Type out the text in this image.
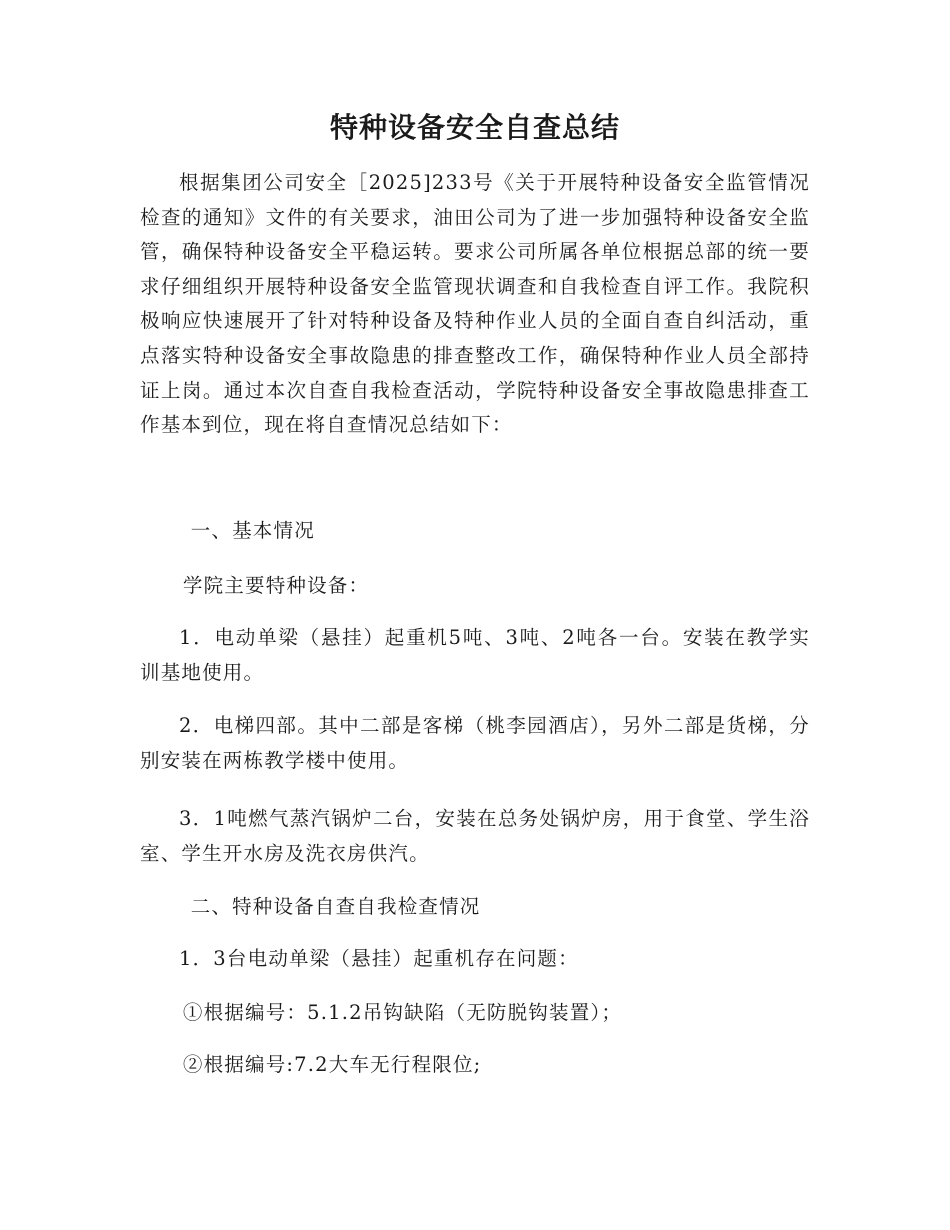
特种设备安全自查总结

根据集团公司安全［2025]233号《关于开展特种设备安全监管情况检查的通知》文件的有关要求，油田公司为了进一步加强特种设备安全监管，确保特种设备安全平稳运转。要求公司所属各单位根据总部的统一要求仔细组织开展特种设备安全监管现状调查和自我检查自评工作。我院积极响应快速展开了针对特种设备及特种作业人员的全面自查自纠活动，重点落实特种设备安全事故隐患的排查整改工作，确保特种作业人员全部持证上岗。通过本次自查自我检查活动，学院特种设备安全事故隐患排查工作基本到位，现在将自查情况总结如下：

一、基本情况

学院主要特种设备：

1．电动单梁（悬挂）起重机5吨、3吨、2吨各一台。安装在教学实训基地使用。

2．电梯四部。其中二部是客梯（桃李园酒店），另外二部是货梯，分别安装在两栋教学楼中使用。

3．1吨燃气蒸汽锅炉二台，安装在总务处锅炉房，用于食堂、学生浴室、学生开水房及洗衣房供汽。

二、特种设备自查自我检查情况

1．3台电动单梁（悬挂）起重机存在问题：

①根据编号：5.1.2吊钩缺陷（无防脱钩装置）；

②根据编号:7.2大车无行程限位;
